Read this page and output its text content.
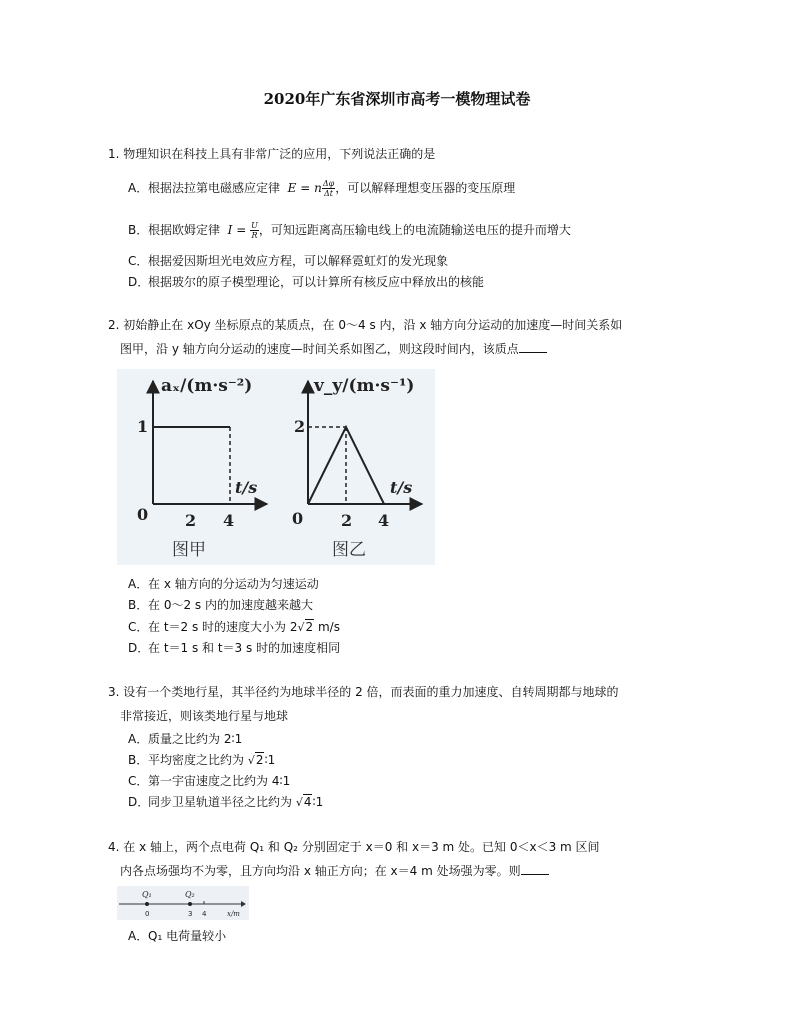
2020年广东省深圳市高考一模物理试卷
1. 物理知识在科技上具有非常广泛的应用，下列说法正确的是
A．根据法拉第电磁感应定律 E = n $\frac{\Delta\varphi}{\Delta t}$ ，可以解释理想变压器的变压原理
B．根据欧姆定律 $I = \frac{U}{R}$ ，可知远距离高压输电线上的电流随输送电压的提升而增大
C．根据爱因斯坦光电效应方程，可以解释霓虹灯的发光现象
D．根据玻尔的原子模型理论，可以计算所有核反应中释放出的核能
2. 初始静止在 xOy 坐标原点的某质点，在 0～4 s 内，沿 x 轴方向分运动的加速度—时间关系如
图甲，沿 y 轴方向分运动的速度—时间关系如图乙，则这段时间内，该质点
aₓ/(m·s⁻²)
1
0 2 4
t/s
图甲
v_y/(m·s⁻¹)
2
0 2 4
t/s
图乙
A．在 x 轴方向的分运动为匀速运动
B．在 0～2 s 内的加速度越来越大
C．在 t＝2 s 时的速度大小为 2√2 m/s
D．在 t＝1 s 和 t＝3 s 时的加速度相同
3. 设有一个类地行星，其半径约为地球半径的 2 倍，而表面的重力加速度、自转周期都与地球的
非常接近，则该类地行星与地球
A．质量之比约为 2∶1
B．平均密度之比约为 √2∶1
C．第一宇宙速度之比约为 4∶1
D．同步卫星轨道半径之比约为 √4∶1
4. 在 x 轴上，两个点电荷 Q₁ 和 Q₂ 分别固定于 x＝0 和 x＝3 m 处。已知 0＜x＜3 m 区间
内各点场强均不为零，且方向均沿 x 轴正方向；在 x＝4 m 处场强为零。则
Q₁	Q₂
0	3 4	x/m
A．Q₁ 电荷量较小
